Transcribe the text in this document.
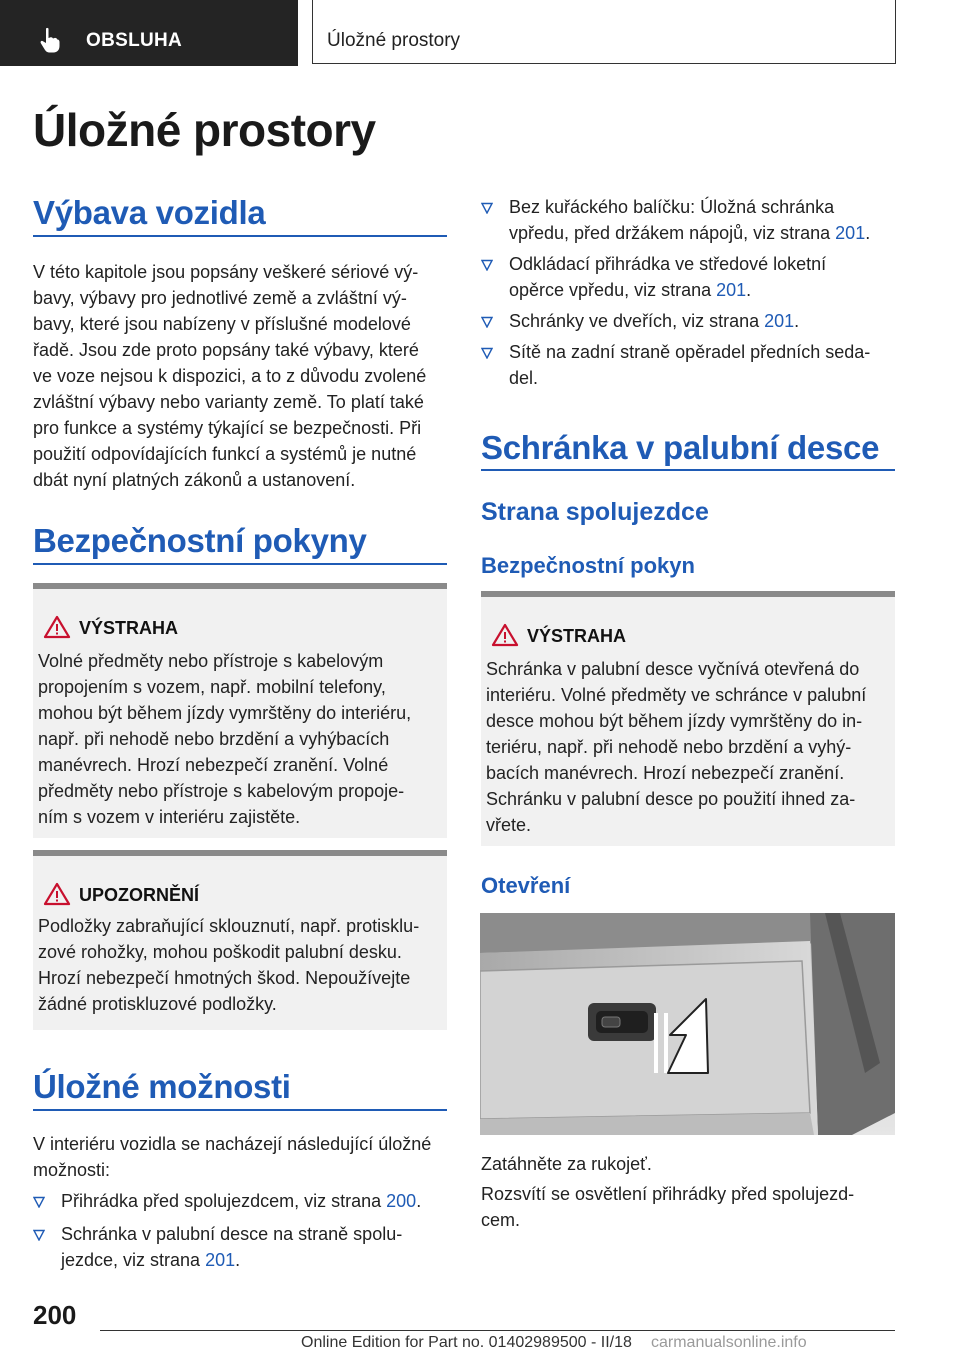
OBSLUHA	Úložné prostory
Úložné prostory
Výbava vozidla
V této kapitole jsou popsány veškeré sériové vý‐
bavy, výbavy pro jednotlivé země a zvláštní vý‐
bavy, které jsou nabízeny v příslušné modelové
řadě. Jsou zde proto popsány také výbavy, které
ve voze nejsou k dispozici, a to z důvodu zvolené
zvláštní výbavy nebo varianty země. To platí také
pro funkce a systémy týkající se bezpečnosti. Při
použití odpovídajících funkcí a systémů je nutné
dbát nyní platných zákonů a ustanovení.
Bezpečnostní pokyny
VÝSTRAHA
Volné předměty nebo přístroje s kabelovým
propojením s vozem, např. mobilní telefony,
mohou být během jízdy vymrštěny do interiéru,
např. při nehodě nebo brzdění a vyhýbacích
manévrech. Hrozí nebezpečí zranění. Volné
předměty nebo přístroje s kabelovým propoje‐
ním s vozem v interiéru zajistěte.
UPOZORNĚNÍ
Podložky zabraňující sklouznutí, např. protisklu‐
zové rohožky, mohou poškodit palubní desku.
Hrozí nebezpečí hmotných škod. Nepoužívejte
žádné protiskluzové podložky.
Úložné možnosti
V interiéru vozidla se nacházejí následující úložné
možnosti:
Přihrádka před spolujezdcem, viz strana 200.
Schránka v palubní desce na straně spolu‐
jezdce, viz strana 201.
Bez kuřáckého balíčku: Úložná schránka
vpředu, před držákem nápojů, viz strana 201.
Odkládací přihrádka ve středové loketní
opěrce vpředu, viz strana 201.
Schránky ve dveřích, viz strana 201.
Sítě na zadní straně opěradel předních seda‐
del.
Schránka v palubní desce
Strana spolujezdce
Bezpečnostní pokyn
VÝSTRAHA
Schránka v palubní desce vyčnívá otevřená do
interiéru. Volné předměty ve schránce v palubní
desce mohou být během jízdy vymrštěny do in‐
teriéru, např. při nehodě nebo brzdění a vyhý‐
bacích manévrech. Hrozí nebezpečí zranění.
Schránku v palubní desce po použití ihned za‐
vřete.
Otevření
Zatáhněte za rukojeť.
Rozsvítí se osvětlení přihrádky před spolujezd‐
cem.
200
Online Edition for Part no. 01402989500 - II/18 carmanualsonline.info
